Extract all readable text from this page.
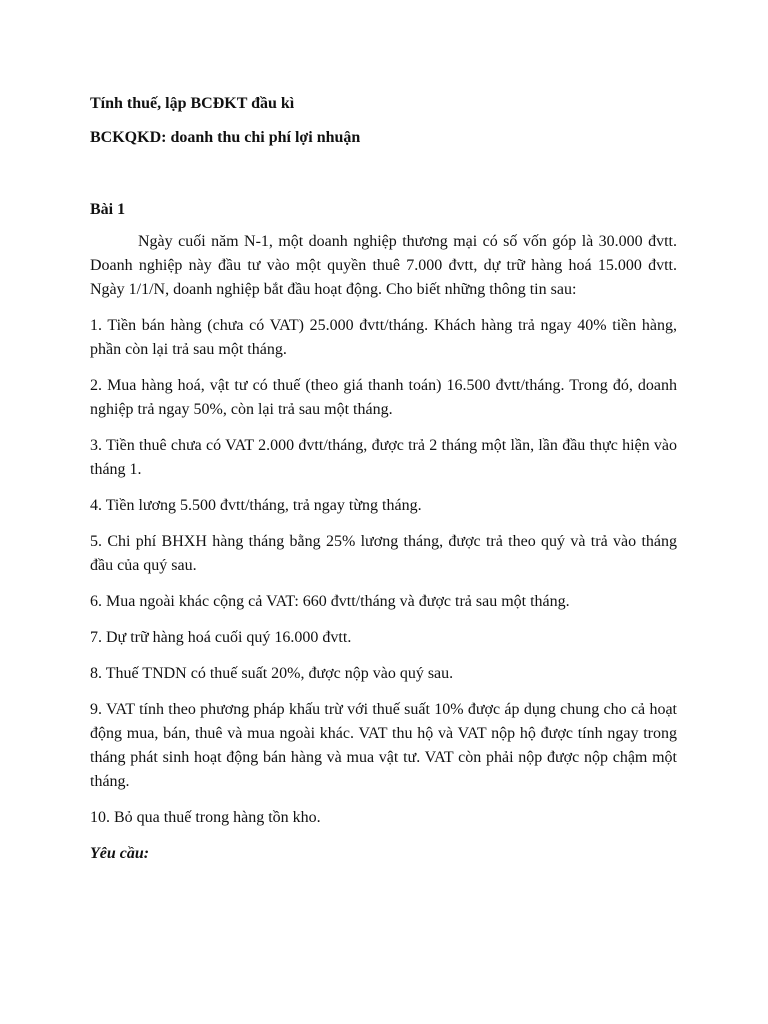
Tính thuế, lập BCĐKT đầu kì

BCKQKD: doanh thu chi phí lợi nhuận

Bài 1

Ngày cuối năm N-1, một doanh nghiệp thương mại có số vốn góp là 30.000 đvtt. Doanh nghiệp này đầu tư vào một quyền thuê 7.000 đvtt, dự trữ hàng hoá 15.000 đvtt. Ngày 1/1/N, doanh nghiệp bắt đầu hoạt động. Cho biết những thông tin sau:

1. Tiền bán hàng (chưa có VAT) 25.000 đvtt/tháng. Khách hàng trả ngay 40% tiền hàng, phần còn lại trả sau một tháng.

2. Mua hàng hoá, vật tư có thuế (theo giá thanh toán) 16.500 đvtt/tháng. Trong đó, doanh nghiệp trả ngay 50%, còn lại trả sau một tháng.

3. Tiền thuê chưa có VAT 2.000 đvtt/tháng, được trả 2 tháng một lần, lần đầu thực hiện vào tháng 1.

4. Tiền lương 5.500 đvtt/tháng, trả ngay từng tháng.

5. Chi phí BHXH hàng tháng bằng 25% lương tháng, được trả theo quý và trả vào tháng đầu của quý sau.

6. Mua ngoài khác cộng cả VAT: 660 đvtt/tháng và được trả sau một tháng.

7. Dự trữ hàng hoá cuối quý 16.000 đvtt.

8. Thuế TNDN có thuế suất 20%, được nộp vào quý sau.

9. VAT tính theo phương pháp khấu trừ với thuế suất 10% được áp dụng chung cho cả hoạt động mua, bán, thuê và mua ngoài khác. VAT thu hộ và VAT nộp hộ được tính ngay trong tháng phát sinh hoạt động bán hàng và mua vật tư. VAT còn phải nộp được nộp chậm một tháng.

10. Bỏ qua thuế trong hàng tồn kho.

Yêu cầu:
